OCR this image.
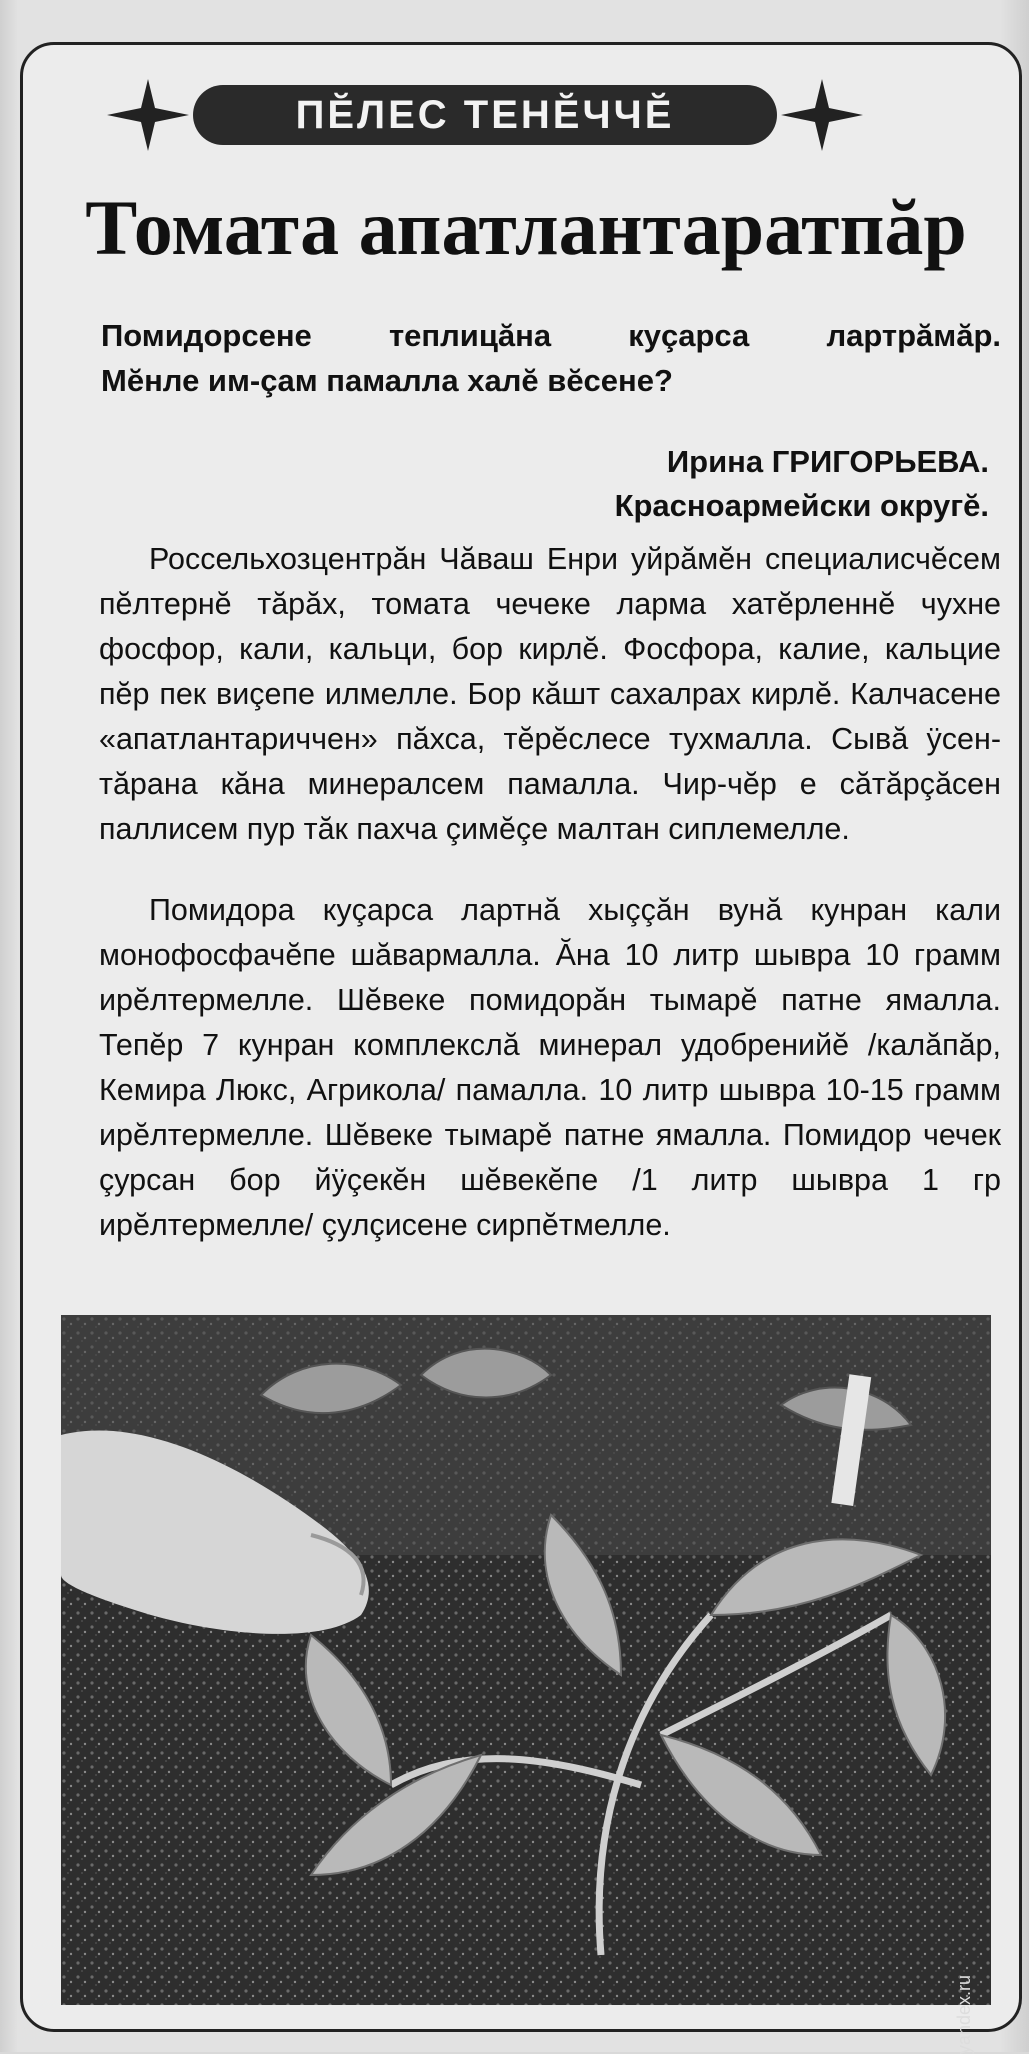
ПĔЛЕС ТЕНĔЧЧĔ
Томата апатлантаратпăр
Помидорсене теплицăна куçарса лартрăмăр.
Мĕнле им-çам памалла халĕ вĕсене?
Ирина ГРИГОРЬЕВА.
Красноармейски округĕ.

Россельхозцентрăн Чăваш Енри уйрăмĕн специалисчĕсем пĕлтернĕ тăрăх, томата чечеке ларма хатĕрленнĕ чухне фосфор, кали, кальци, бор кирлĕ. Фосфора, калие, кальцие пĕр пек виçепе илмелле. Бор кăшт сахалрах кирлĕ. Калчасене «апатлантариччен» пăхса, тĕрĕслесе тухмалла. Сывă ÿсен-тăрана кăна минералсем памалла. Чир-чĕр е сăтăрçăсен паллисем пур тăк пахча çимĕçе малтан сиплемелле.

Помидора куçарса лартнă хыççăн вунă кунран кали монофосфачĕпе шăвармалла. Ăна 10 литр шывра 10 грамм ирĕлтермелле. Шĕвеке помидорăн тымарĕ патне ямалла. Тепĕр 7 кунран комплекслă минерал удобренийĕ /калăпăр, Кемира Люкс, Агрикола/ памалла. 10 литр шывра 10-15 грамм ирĕлтермелле. Шĕвеке тымарĕ патне ямалла. Помидор чечек çурсан бор йÿçекĕн шĕвекĕпе /1 литр шывра 1 гр ирĕлтермелле/ çулçисене сирпĕтмелле.

yandex.ru
